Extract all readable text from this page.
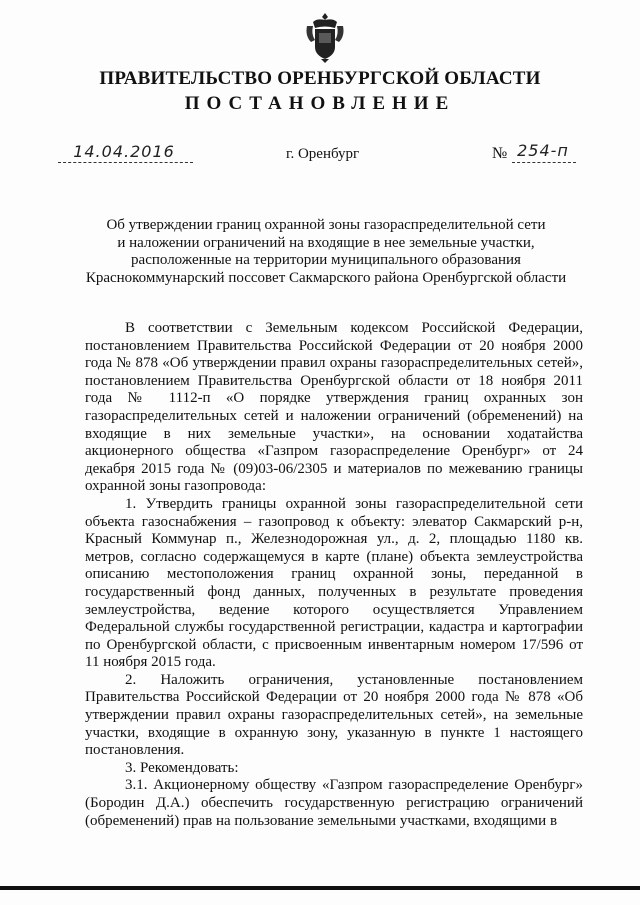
ПРАВИТЕЛЬСТВО ОРЕНБУРГСКОЙ ОБЛАСТИ
ПОСТАНОВЛЕНИЕ
14.04.2016	г. Оренбург	№ 254-п

Об утверждении границ охранной зоны газораспределительной сети
и наложении ограничений на входящие в нее земельные участки,
расположенные на территории муниципального образования
Краснокоммунарский поссовет Сакмарского района Оренбургской области

В соответствии с Земельным кодексом Российской Федерации, постановлением Правительства Российской Федерации от 20 ноября 2000 года № 878 «Об утверждении правил охраны газораспределительных сетей», постановлением Правительства Оренбургской области от 18 ноября 2011 года № 1112-п «О порядке утверждения границ охранных зон газораспределительных сетей и наложении ограничений (обременений) на входящие в них земельные участки», на основании ходатайства акционерного общества «Газпром газораспределение Оренбург» от 24 декабря 2015 года № (09)03-06/2305 и материалов по межеванию границы охранной зоны газопровода:

1. Утвердить границы охранной зоны газораспределительной сети объекта газоснабжения – газопровод к объекту: элеватор Сакмарский р-н, Красный Коммунар п., Железнодорожная ул., д. 2, площадью 1180 кв. метров, согласно содержащемуся в карте (плане) объекта землеустройства описанию местоположения границ охранной зоны, переданной в государственный фонд данных, полученных в результате проведения землеустройства, ведение которого осуществляется Управлением Федеральной службы государственной регистрации, кадастра и картографии по Оренбургской области, с присвоенным инвентарным номером 17/596 от 11 ноября 2015 года.

2. Наложить ограничения, установленные постановлением Правительства Российской Федерации от 20 ноября 2000 года № 878 «Об утверждении правил охраны газораспределительных сетей», на земельные участки, входящие в охранную зону, указанную в пункте 1 настоящего постановления.

3. Рекомендовать:

3.1. Акционерному обществу «Газпром газораспределение Оренбург» (Бородин Д.А.) обеспечить государственную регистрацию ограничений (обременений) прав на пользование земельными участками, входящими в
